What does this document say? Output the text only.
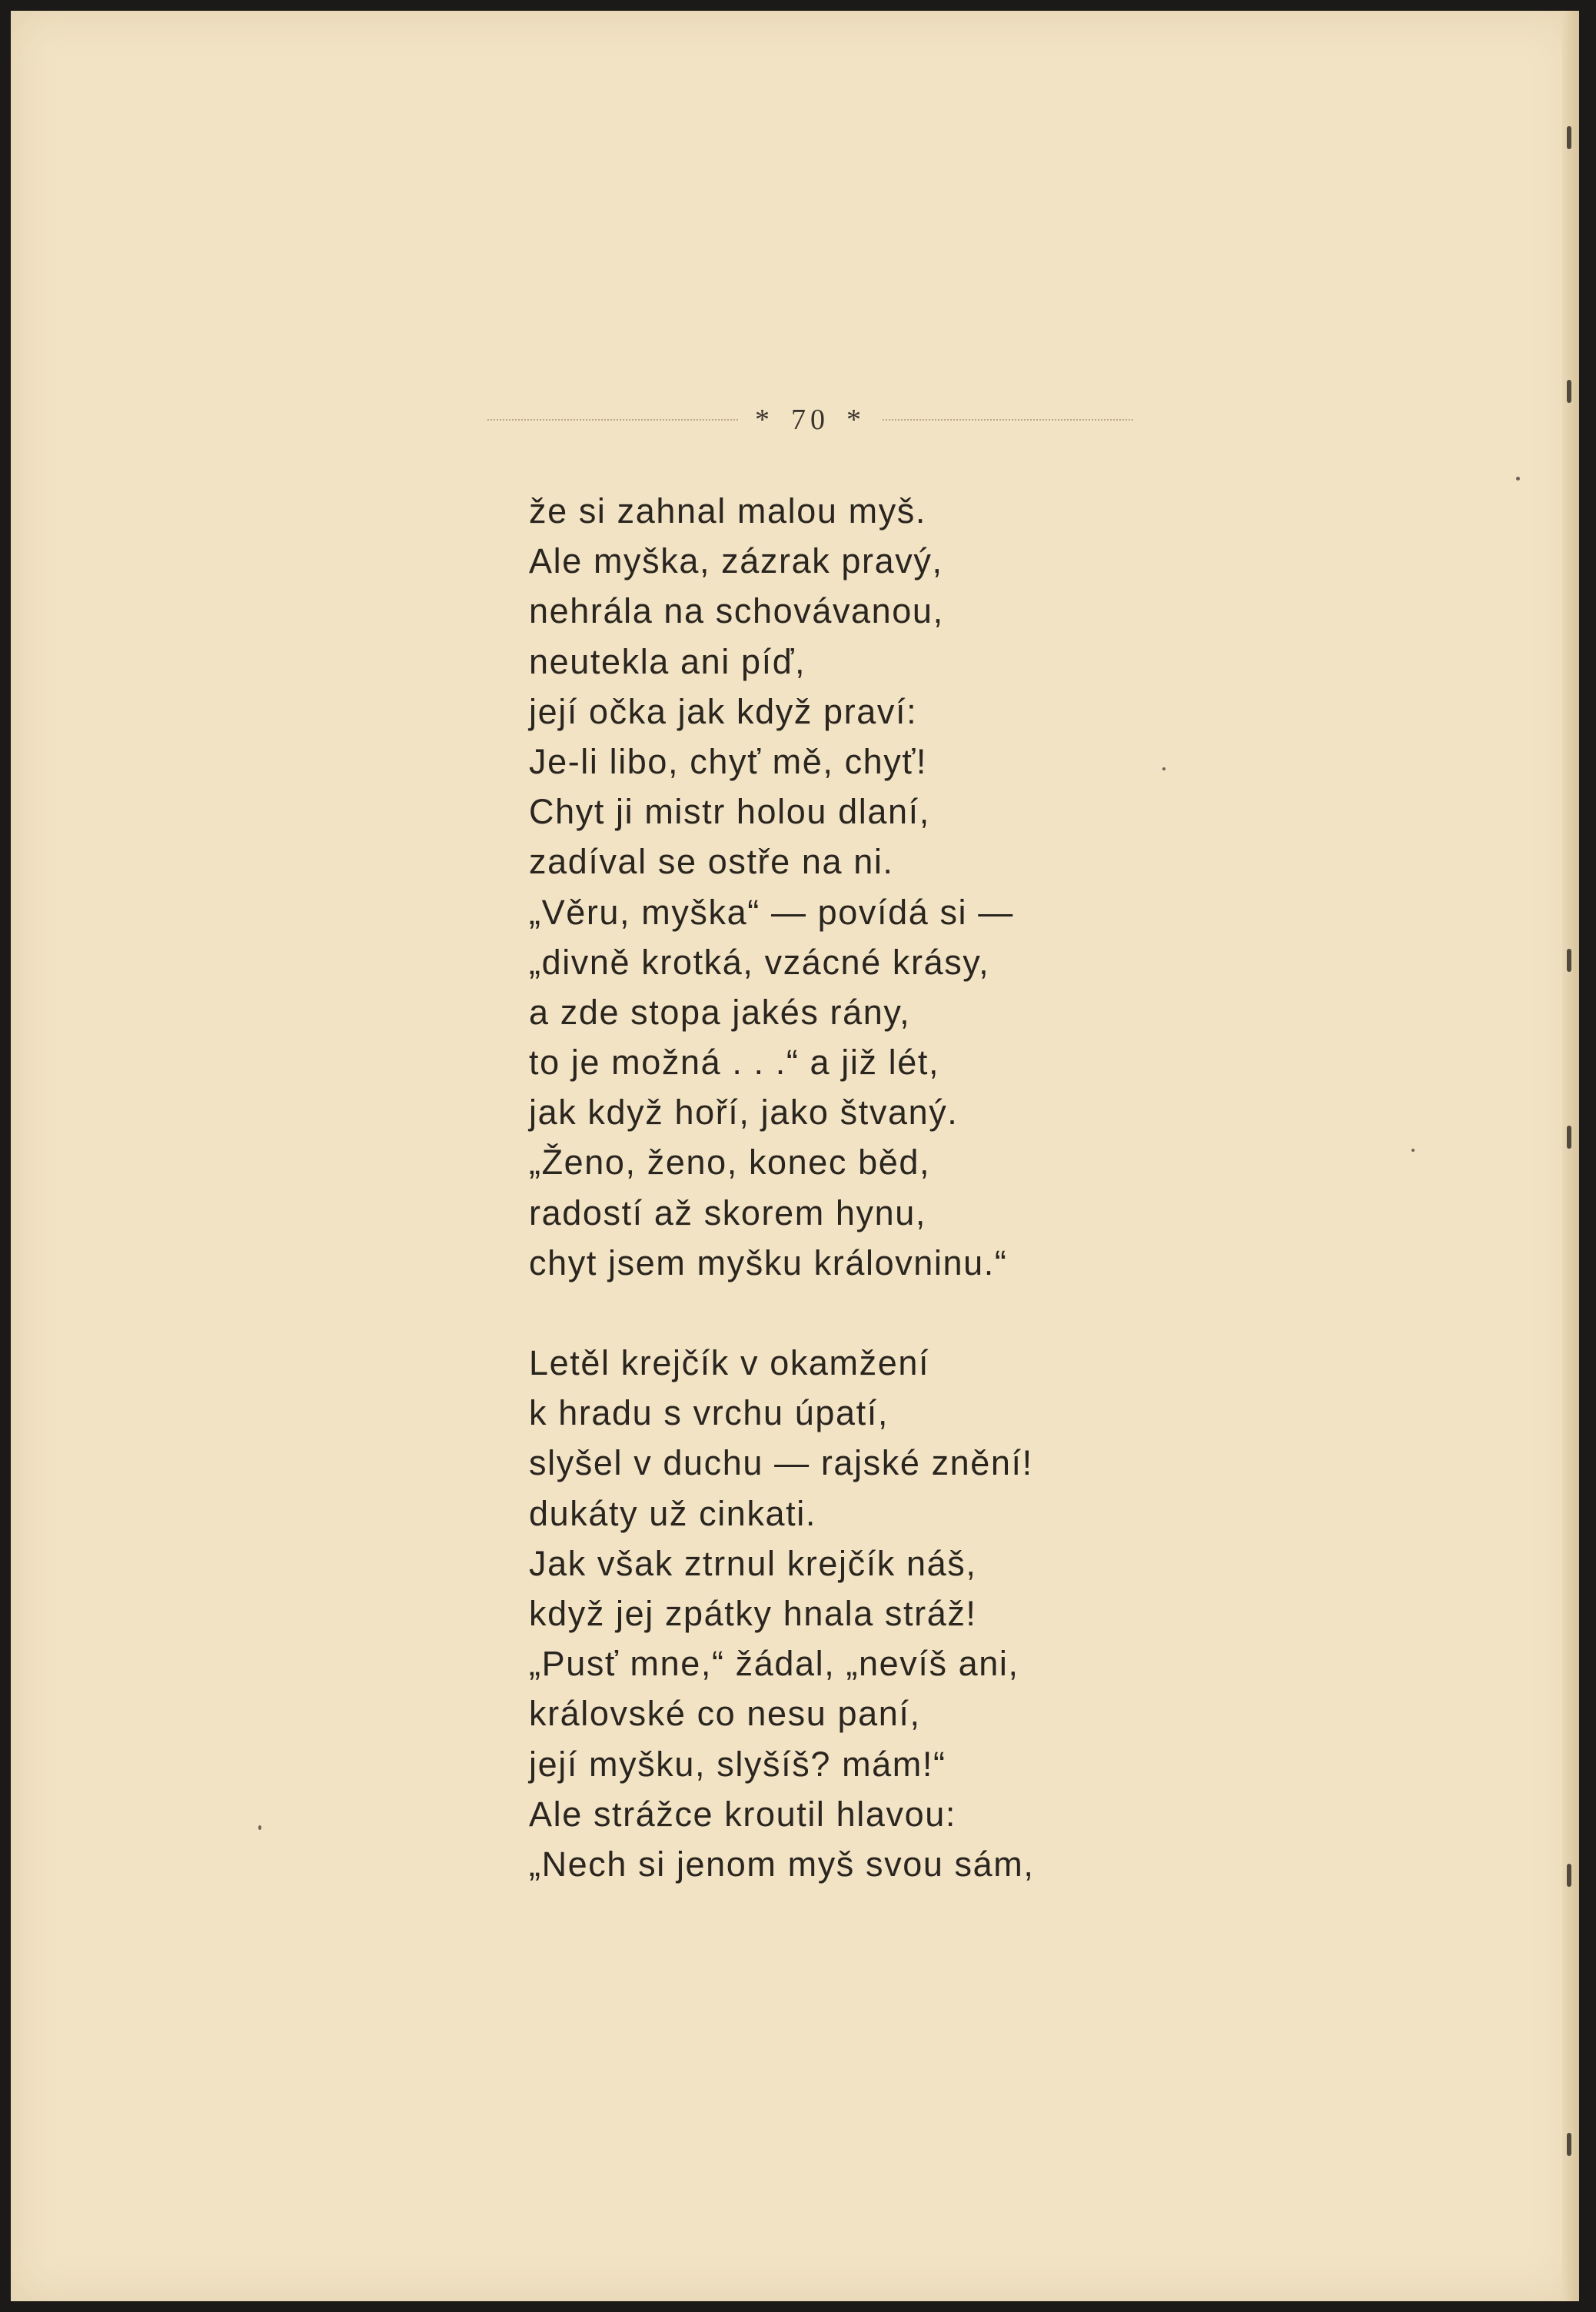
* 70 *
že si zahnal malou myš.
Ale myška, zázrak pravý,
nehrála na schovávanou,
neutekla ani píď,
její očka jak když praví:
Je-li libo, chyť mě, chyť!
Chyt ji mistr holou dlaní,
zadíval se ostře na ni.
„Věru, myška“ — povídá si —
„divně krotká, vzácné krásy,
a zde stopa jakés rány,
to je možná . . .“ a již lét,
jak když hoří, jako štvaný.
„Ženo, ženo, konec běd,
radostí až skorem hynu,
chyt jsem myšku královninu.“
Letěl krejčík v okamžení
k hradu s vrchu úpatí,
slyšel v duchu — rajské znění!
dukáty už cinkati.
Jak však ztrnul krejčík náš,
když jej zpátky hnala stráž!
„Pusť mne,“ žádal, „nevíš ani,
královské co nesu paní,
její myšku, slyšíš? mám!“
Ale strážce kroutil hlavou:
„Nech si jenom myš svou sám,
